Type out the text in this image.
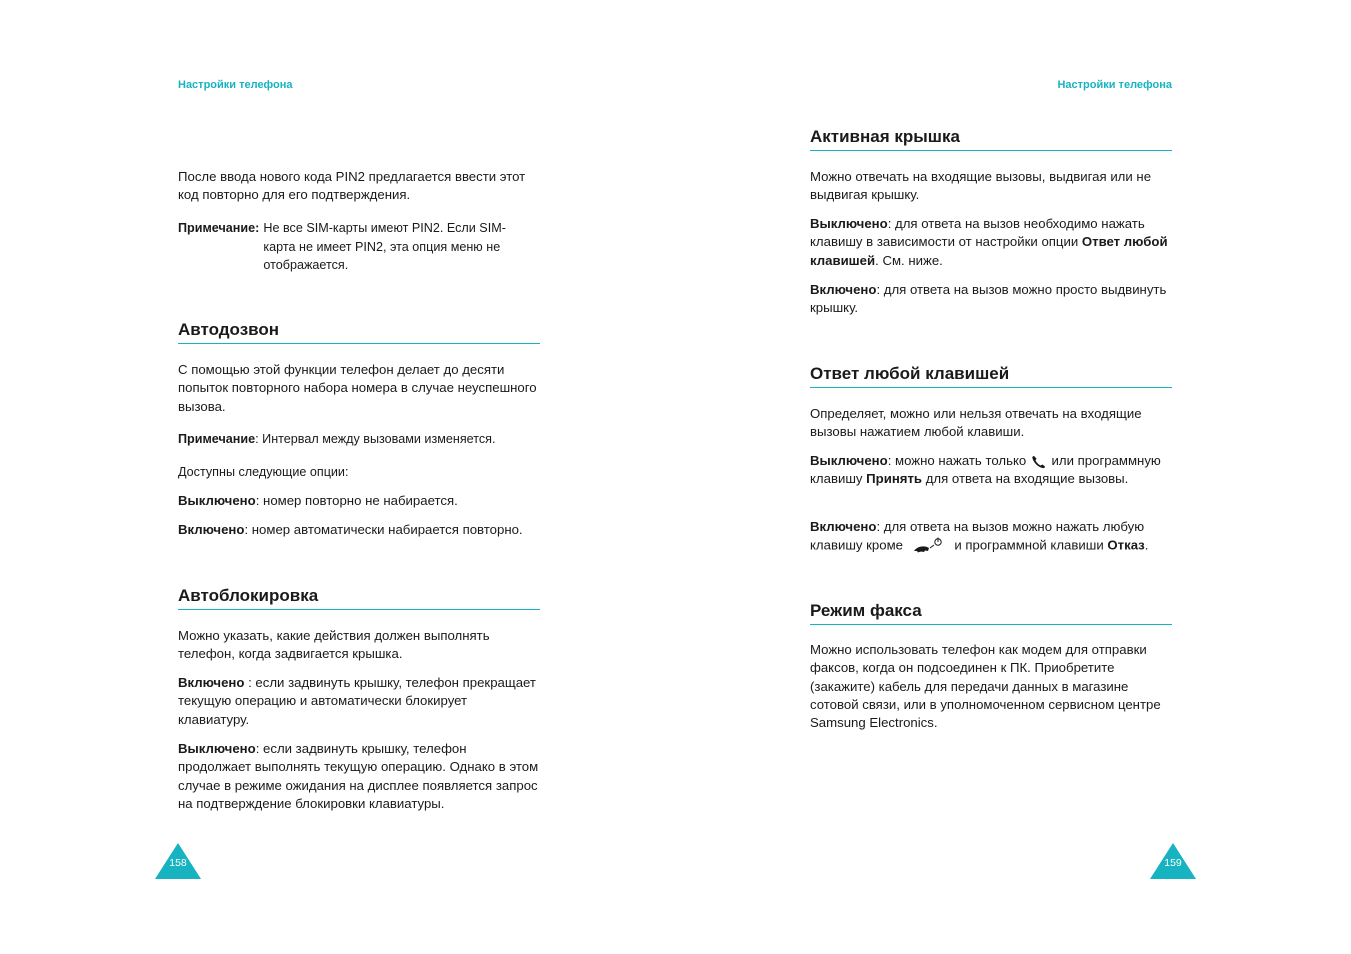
Настройки телефона

После ввода нового кода PIN2 предлагается ввести этот код повторно для его подтверждения.

Примечание: Не все SIM-карты имеют PIN2. Если SIM-карта не имеет PIN2, эта опция меню не отображается.
Автодозвон

С помощью этой функции телефон делает до десяти попыток повторного набора номера в случае неуспешного вызова.

Примечание: Интервал между вызовами изменяется.

Доступны следующие опции:

Выключено: номер повторно не набирается.

Включено: номер автоматически набирается повторно.

Автоблокировка

Можно указать, какие действия должен выполнять телефон, когда задвигается крышка.

Включено : если задвинуть крышку, телефон прекращает текущую операцию и автоматически блокирует клавиатуру.

Выключено: если задвинуть крышку, телефон продолжает выполнять текущую операцию. Однако в этом случае в режиме ожидания на дисплее появляется запрос на подтверждение блокировки клавиатуры.

158
Настройки телефона
Активная крышка

Можно отвечать на входящие вызовы, выдвигая или не выдвигая крышку.

Выключено: для ответа на вызов необходимо нажать клавишу в зависимости от настройки опции Ответ любой клавишей. См. ниже.

Включено: для ответа на вызов можно просто выдвинуть крышку.

Ответ любой клавишей

Определяет, можно или нельзя отвечать на входящие вызовы нажатием любой клавиши.

Выключено: можно нажать только  или программную клавишу Принять для ответа на входящие вызовы.

Включено: для ответа на вызов можно нажать любую клавишу кроме	и программной клавиши Отказ.

Режим факса

Можно использовать телефон как модем для отправки факсов, когда он подсоединен к ПК. Приобретите (закажите) кабель для передачи данных в магазине сотовой связи, или в уполномоченном сервисном центре Samsung Electronics.

159
